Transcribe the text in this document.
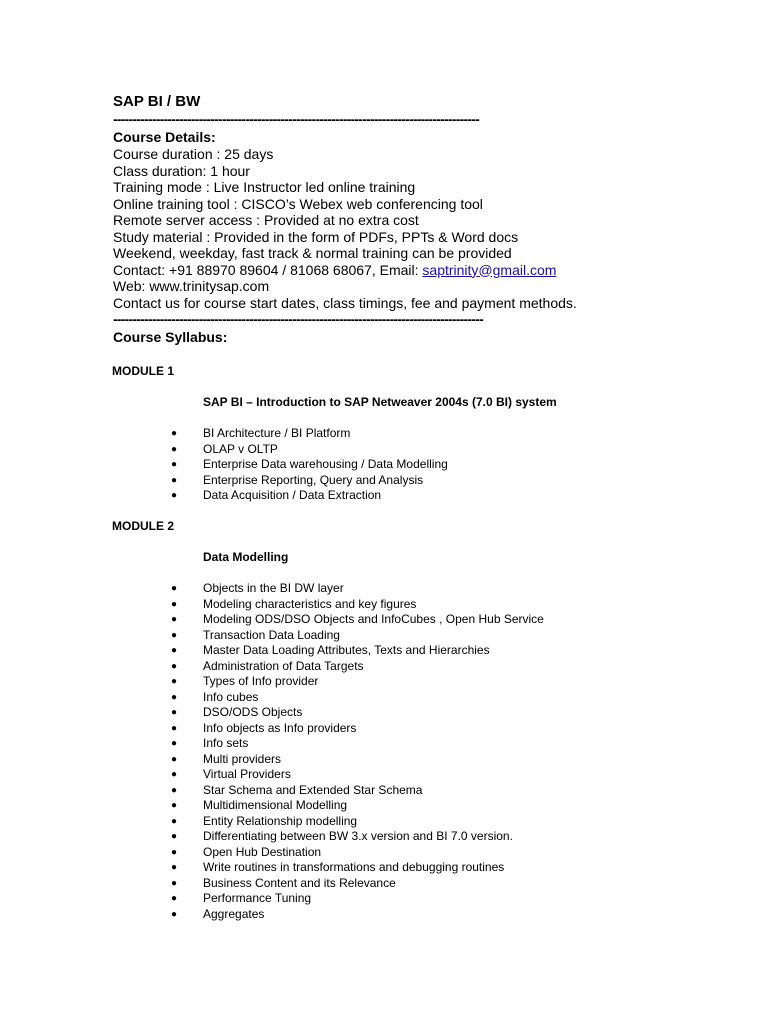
SAP BI / BW
----------------------------------------------------------------------------------------------
Course Details:
Course duration : 25 days
Class duration: 1 hour
Training mode : Live Instructor led online training
Online training tool : CISCO’s Webex web conferencing tool
Remote server access : Provided at no extra cost
Study material : Provided in the form of PDFs, PPTs & Word docs
Weekend, weekday, fast track & normal training can be provided
Contact: +91 88970 89604 / 81068 68067, Email: saptrinity@gmail.com
Web: www.trinitysap.com
Contact us for course start dates, class timings, fee and payment methods.
-----------------------------------------------------------------------------------------------
Course Syllabus:
MODULE 1
SAP BI – Introduction to SAP Netweaver 2004s (7.0 BI) system
● BI Architecture / BI Platform
● OLAP v OLTP
● Enterprise Data warehousing / Data Modelling
● Enterprise Reporting, Query and Analysis
● Data Acquisition / Data Extraction
MODULE 2
Data Modelling
● Objects in the BI DW layer
● Modeling characteristics and key figures
● Modeling ODS/DSO Objects and InfoCubes , Open Hub Service
● Transaction Data Loading
● Master Data Loading Attributes, Texts and Hierarchies
● Administration of Data Targets
● Types of Info provider
● Info cubes
● DSO/ODS Objects
● Info objects as Info providers
● Info sets
● Multi providers
● Virtual Providers
● Star Schema and Extended Star Schema
● Multidimensional Modelling
● Entity Relationship modelling
● Differentiating between BW 3.x version and BI 7.0 version.
● Open Hub Destination
● Write routines in transformations and debugging routines
● Business Content and its Relevance
● Performance Tuning
● Aggregates
